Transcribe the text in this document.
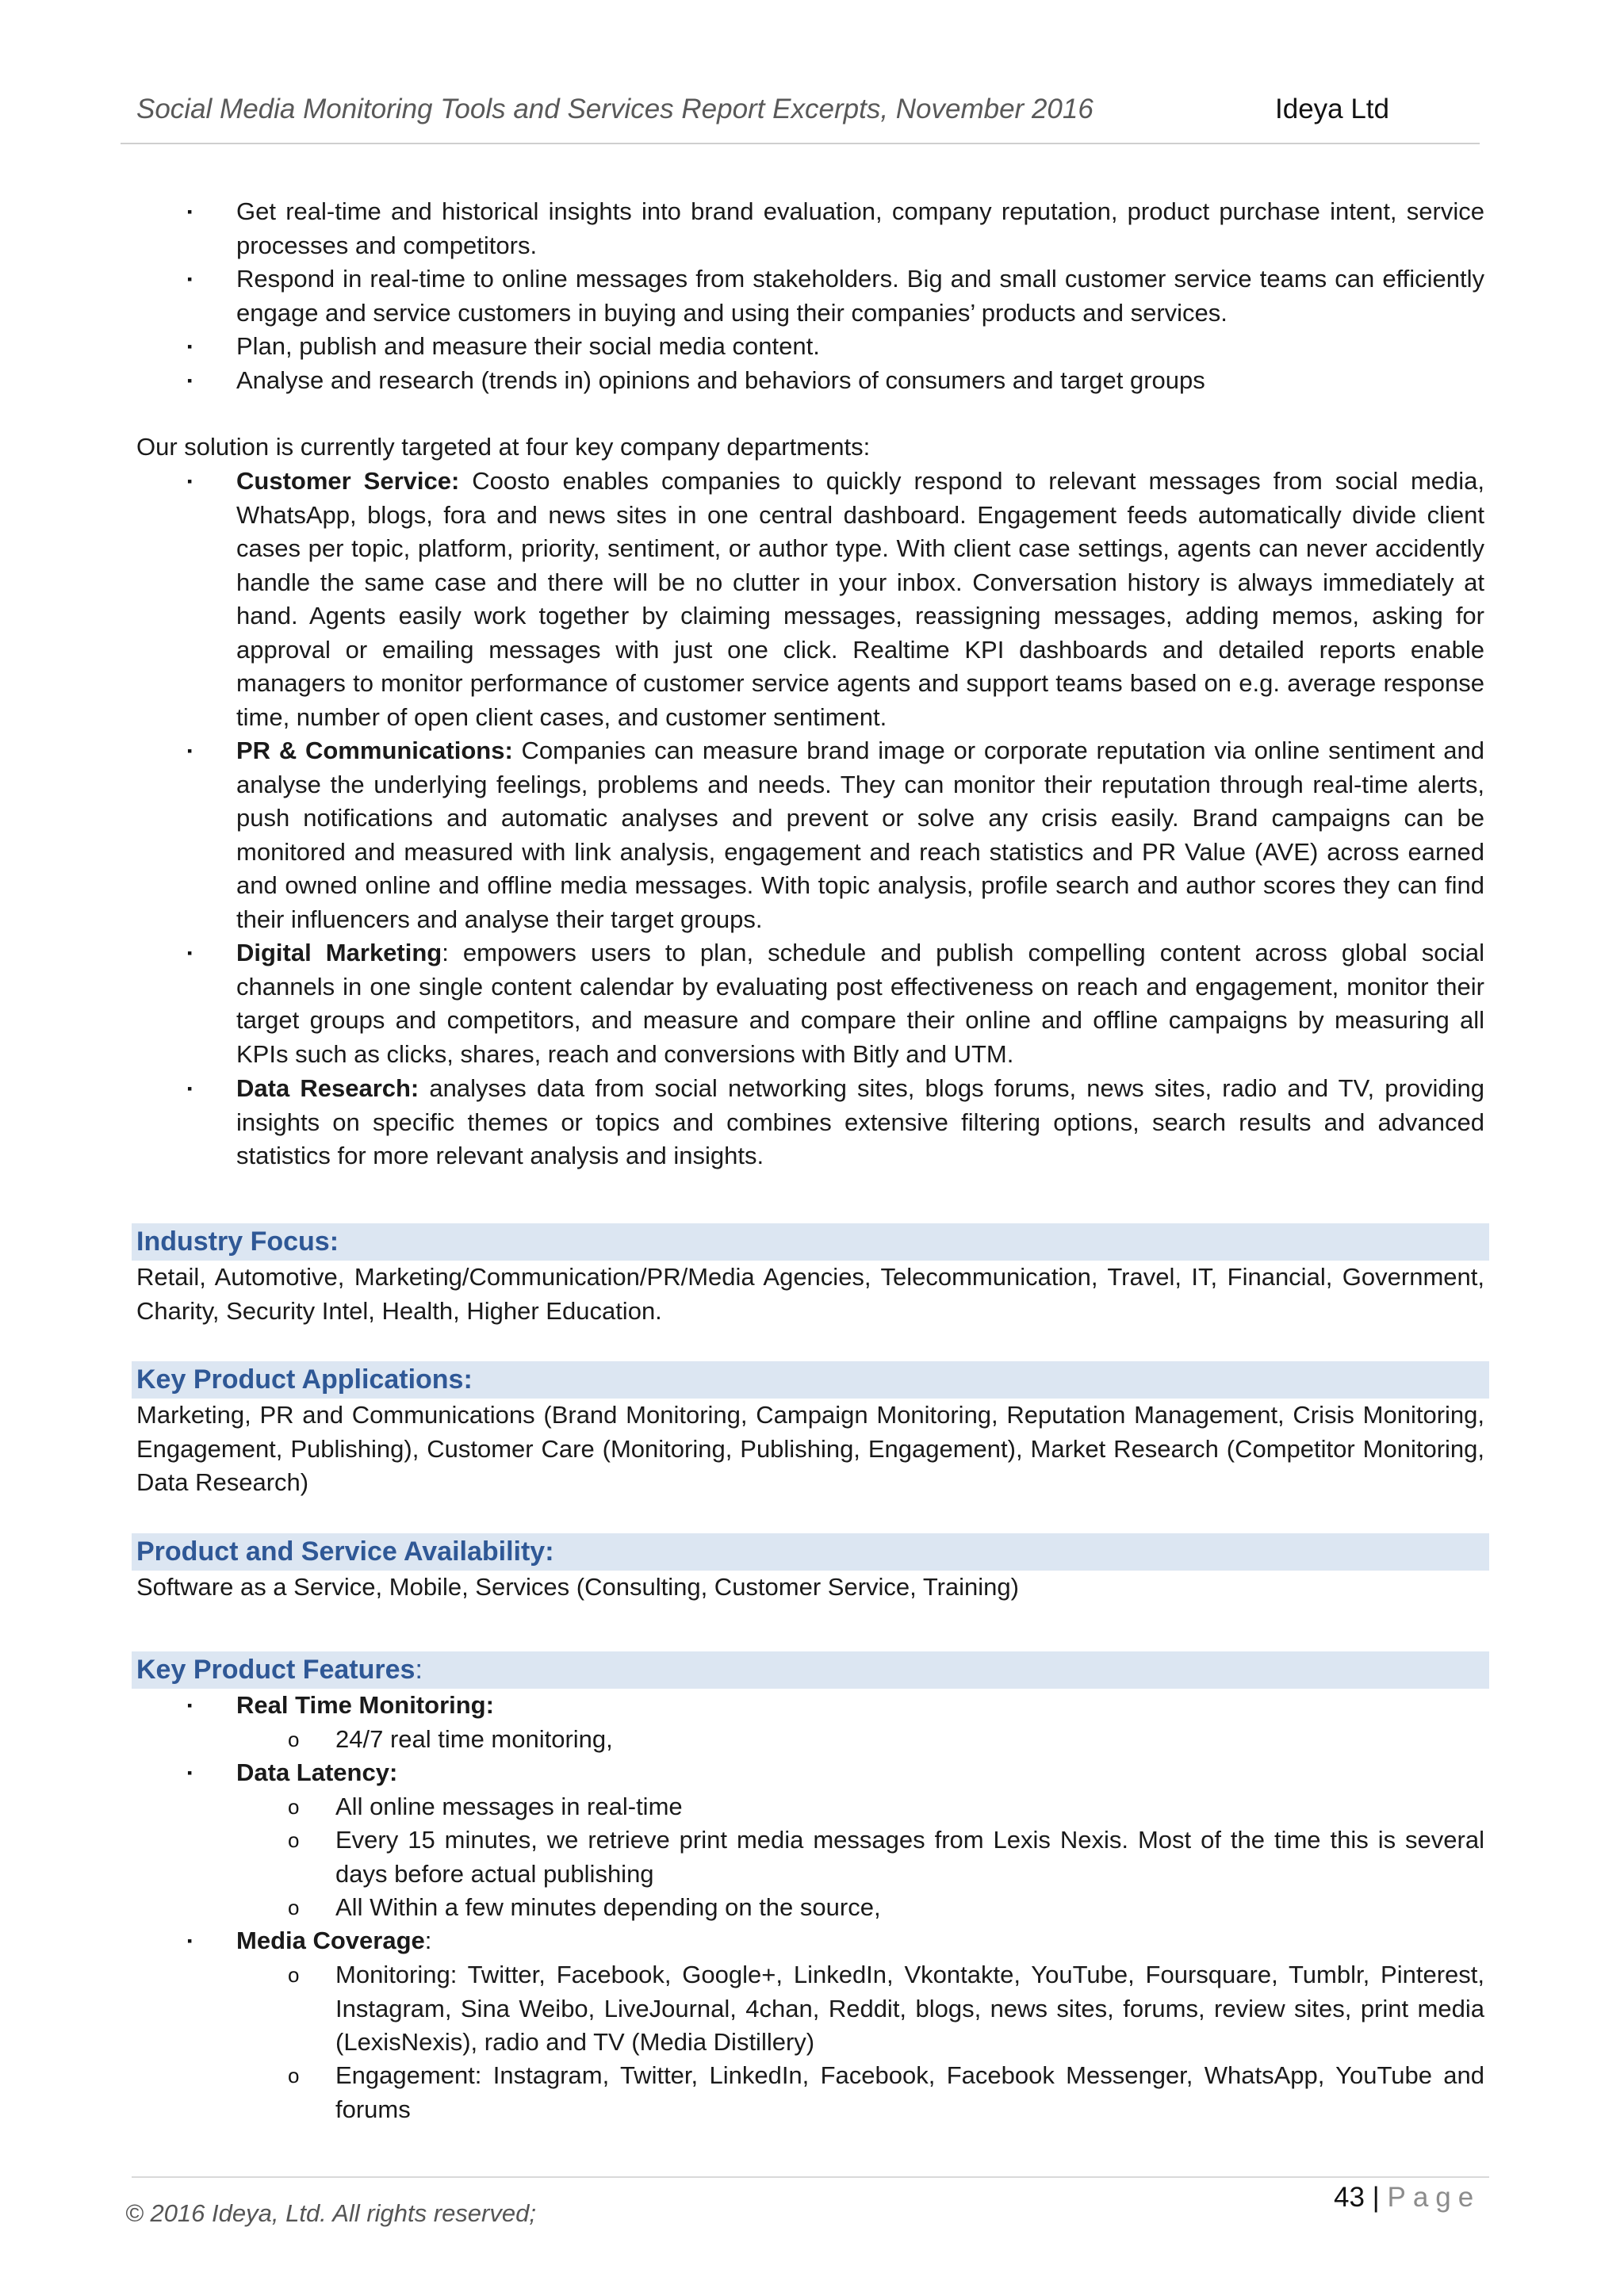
Social Media Monitoring Tools and Services Report Excerpts, November 2016	Ideya Ltd
▪ Get real-time and historical insights into brand evaluation, company reputation, product purchase intent, service processes and competitors.
▪ Respond in real-time to online messages from stakeholders. Big and small customer service teams can efficiently engage and service customers in buying and using their companies’ products and services.
▪ Plan, publish and measure their social media content.
▪ Analyse and research (trends in) opinions and behaviors of consumers and target groups
Our solution is currently targeted at four key company departments:
▪ Customer Service: Coosto enables companies to quickly respond to relevant messages from social media, WhatsApp, blogs, fora and news sites in one central dashboard. Engagement feeds automatically divide client cases per topic, platform, priority, sentiment, or author type. With client case settings, agents can never accidently handle the same case and there will be no clutter in your inbox. Conversation history is always immediately at hand. Agents easily work together by claiming messages, reassigning messages, adding memos, asking for approval or emailing messages with just one click. Realtime KPI dashboards and detailed reports enable managers to monitor performance of customer service agents and support teams based on e.g. average response time, number of open client cases, and customer sentiment.
▪ PR & Communications: Companies can measure brand image or corporate reputation via online sentiment and analyse the underlying feelings, problems and needs. They can monitor their reputation through real-time alerts, push notifications and automatic analyses and prevent or solve any crisis easily. Brand campaigns can be monitored and measured with link analysis, engagement and reach statistics and PR Value (AVE) across earned and owned online and offline media messages. With topic analysis, profile search and author scores they can find their influencers and analyse their target groups.
▪ Digital Marketing: empowers users to plan, schedule and publish compelling content across global social channels in one single content calendar by evaluating post effectiveness on reach and engagement, monitor their target groups and competitors, and measure and compare their online and offline campaigns by measuring all KPIs such as clicks, shares, reach and conversions with Bitly and UTM.
▪ Data Research: analyses data from social networking sites, blogs forums, news sites, radio and TV, providing insights on specific themes or topics and combines extensive filtering options, search results and advanced statistics for more relevant analysis and insights.
Industry Focus:
Retail, Automotive, Marketing/Communication/PR/Media Agencies, Telecommunication, Travel, IT, Financial, Government, Charity, Security Intel, Health, Higher Education.
Key Product Applications:
Marketing, PR and Communications (Brand Monitoring, Campaign Monitoring, Reputation Management, Crisis Monitoring, Engagement, Publishing), Customer Care (Monitoring, Publishing, Engagement), Market Research (Competitor Monitoring, Data Research)
Product and Service Availability:
Software as a Service, Mobile, Services (Consulting, Customer Service, Training)
Key Product Features:
▪ Real Time Monitoring:
o 24/7 real time monitoring,
▪ Data Latency:
o All online messages in real-time
o Every 15 minutes, we retrieve print media messages from Lexis Nexis. Most of the time this is several days before actual publishing
o All Within a few minutes depending on the source,
▪ Media Coverage:
o Monitoring: Twitter, Facebook, Google+, LinkedIn, Vkontakte, YouTube, Foursquare, Tumblr, Pinterest, Instagram, Sina Weibo, LiveJournal, 4chan, Reddit, blogs, news sites, forums, review sites, print media (LexisNexis), radio and TV (Media Distillery)
o Engagement: Instagram, Twitter, LinkedIn, Facebook, Facebook Messenger, WhatsApp, YouTube and forums
43 | Page
© 2016 Ideya, Ltd. All rights reserved;
